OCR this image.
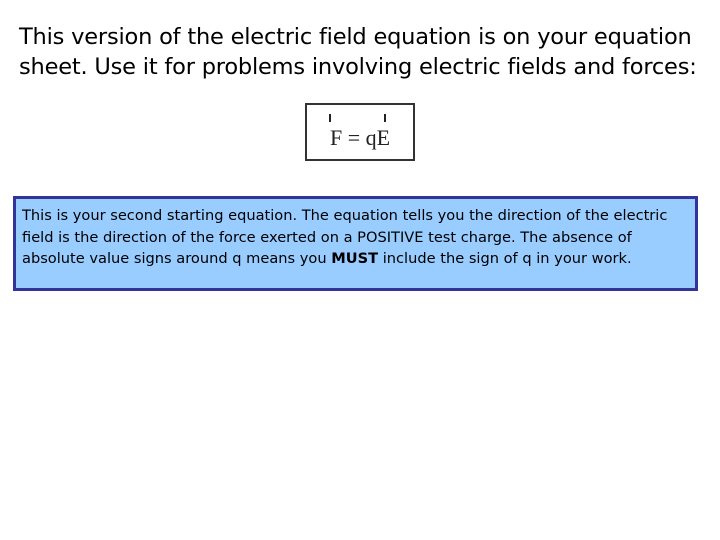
This version of the electric field equation is on your equation
sheet. Use it for problems involving electric fields and forces:
F = qE
This is your second starting equation. The equation tells you the direction of the electric field is the direction of the force exerted on a POSITIVE test charge. The absence of absolute value signs around q means you MUST include the sign of q in your work.
